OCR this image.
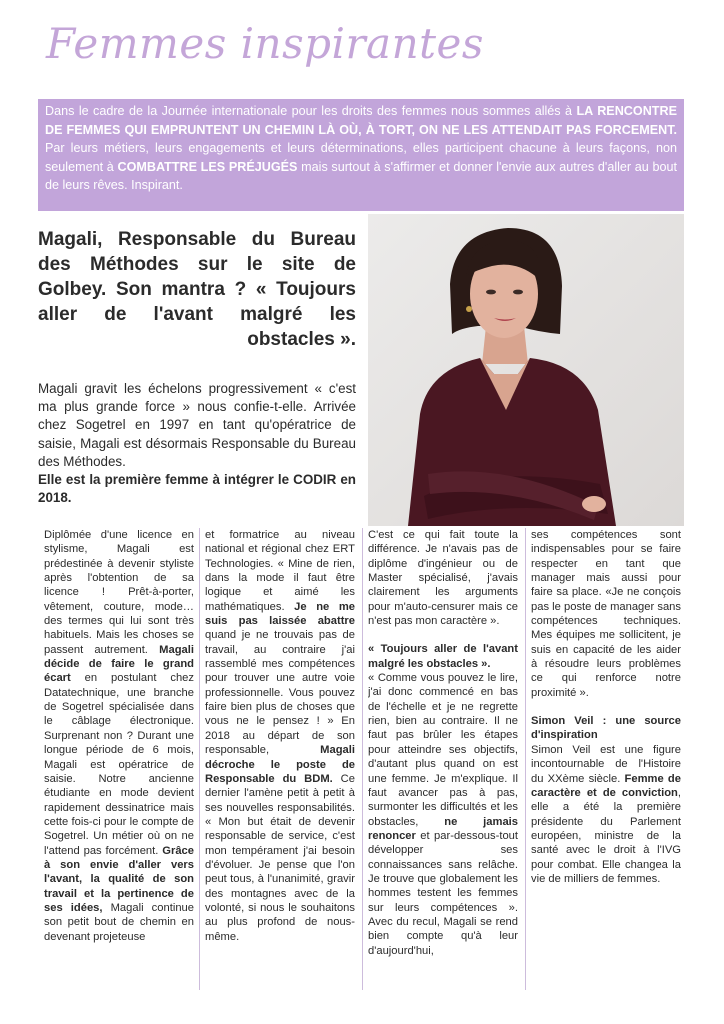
Femmes inspirantes
Dans le cadre de la Journée internationale pour les droits des femmes nous sommes allés à LA RENCONTRE DE FEMMES QUI EMPRUNTENT UN CHEMIN LÀ OÙ, À TORT, ON NE LES ATTENDAIT PAS FORCEMENT. Par leurs métiers, leurs engagements et leurs déterminations, elles participent chacune à leurs façons, non seulement à COMBATTRE LES PRÉJUGÉS mais surtout à s'affirmer et donner l'envie aux autres d'aller au bout de leurs rêves. Inspirant.
Magali, Responsable du Bureau des Méthodes sur le site de Golbey. Son mantra ? « Toujours aller de l'avant malgré les obstacles ».

Magali gravit les échelons progressivement « c'est ma plus grande force » nous confie-t-elle. Arrivée chez Sogetrel en 1997 en tant qu'opératrice de saisie, Magali est désormais Responsable du Bureau des Méthodes.
Elle est la première femme à intégrer le CODIR en 2018.

Diplômée d'une licence en stylisme, Magali est prédestinée à devenir styliste après l'obtention de sa licence ! Prêt-à-porter, vêtement, couture, mode… des termes qui lui sont très habituels. Mais les choses se passent autrement. Magali décide de faire le grand écart en postulant chez Datatechnique, une branche de Sogetrel spécialisée dans le câblage électronique. Surprenant non ? Durant une longue période de 6 mois, Magali est opératrice de saisie. Notre ancienne étudiante en mode devient rapidement dessinatrice mais cette fois-ci pour le compte de Sogetrel. Un métier où on ne l'attend pas forcément. Grâce à son envie d'aller vers l'avant, la qualité de son travail et la pertinence de ses idées, Magali continue son petit bout de chemin en devenant projeteuse
et formatrice au niveau national et régional chez ERT Technologies. « Mine de rien, dans la mode il faut être logique et aimé les mathématiques. Je ne me suis pas laissée abattre quand je ne trouvais pas de travail, au contraire j'ai rassemblé mes compétences pour trouver une autre voie professionnelle. Vous pouvez faire bien plus de choses que vous ne le pensez ! » En 2018 au départ de son responsable, Magali décroche le poste de Responsable du BDM. Ce dernier l'amène petit à petit à ses nouvelles responsabilités. « Mon but était de devenir responsable de service, c'est mon tempérament j'ai besoin d'évoluer. Je pense que l'on peut tous, à l'unanimité, gravir des montagnes avec de la volonté, si nous le souhaitons au plus profond de nous-même.
C'est ce qui fait toute la différence. Je n'avais pas de diplôme d'ingénieur ou de Master spécialisé, j'avais clairement les arguments pour m'auto-censurer mais ce n'est pas mon caractère ».
« Toujours aller de l'avant malgré les obstacles ».
« Comme vous pouvez le lire, j'ai donc commencé en bas de l'échelle et je ne regrette rien, bien au contraire. Il ne faut pas brûler les étapes pour atteindre ses objectifs, d'autant plus quand on est une femme. Je m'explique. Il faut avancer pas à pas, surmonter les difficultés et les obstacles, ne jamais renoncer et par-dessous-tout développer ses connaissances sans relâche. Je trouve que globalement les hommes testent les femmes sur leurs compétences ». Avec du recul, Magali se rend bien compte qu'à leur d'aujourd'hui,
ses compétences sont indispensables pour se faire respecter en tant que manager mais aussi pour faire sa place. «Je ne conçois pas le poste de manager sans compétences techniques. Mes équipes me sollicitent, je suis en capacité de les aider à résoudre leurs problèmes ce qui renforce notre proximité ».
Simon Veil : une source d'inspiration
Simon Veil est une figure incontournable de l'Histoire du XXème siècle. Femme de caractère et de conviction, elle a été la première présidente du Parlement européen, ministre de la santé avec le droit à l'IVG pour combat. Elle changea la vie de milliers de femmes.
